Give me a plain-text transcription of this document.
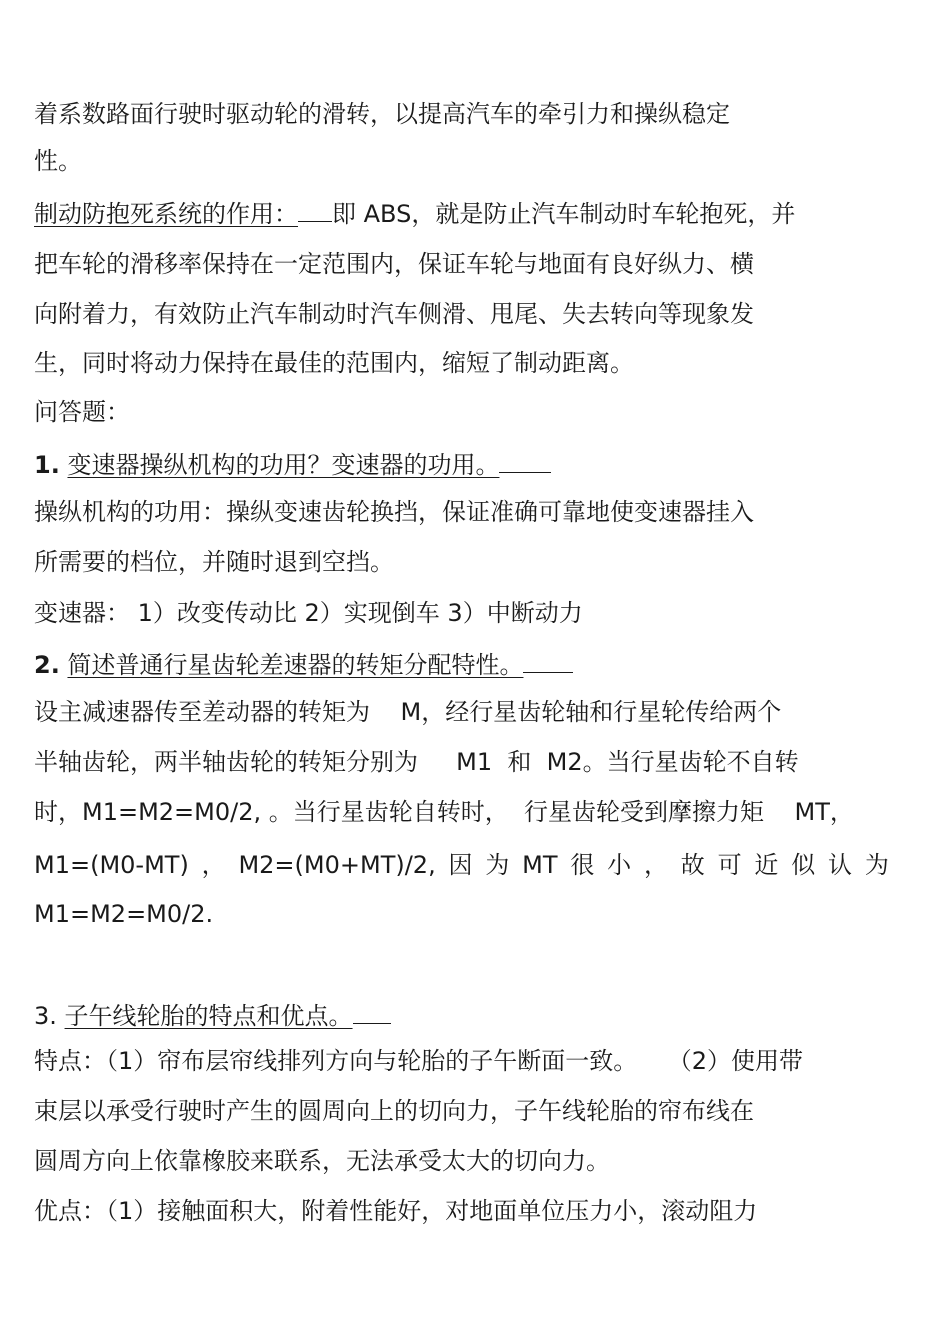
着系数路面行驶时驱动轮的滑转，以提高汽车的牵引力和操纵稳定
性。
制动防抱死系统的作用： 即 ABS，就是防止汽车制动时车轮抱死，并
把车轮的滑移率保持在一定范围内，保证车轮与地面有良好纵力、横
向附着力，有效防止汽车制动时汽车侧滑、甩尾、失去转向等现象发
生，同时将动力保持在最佳的范围内，缩短了制动距离。
问答题：
1. 变速器操纵机构的功用？变速器的功用。
操纵机构的功用：操纵变速齿轮换挡，保证准确可靠地使变速器挂入
所需要的档位，并随时退到空挡。
变速器： 1）改变传动比 2）实现倒车 3）中断动力
2. 简述普通行星齿轮差速器的转矩分配特性。
设主减速器传至差动器的转矩为    M，经行星齿轮轴和行星轮传给两个
半轴齿轮，两半轴齿轮的转矩分别为     M1  和  M2。当行星齿轮不自转
时，M1=M2=M0/2, 。当行星齿轮自转时，  行星齿轮受到摩擦力矩    MT，
M1=(M0-MT) ， M2=(M0+MT)/2, 因 为 MT 很 小 ， 故 可 近 似 认 为
M1=M2=M0/2.
3. 子午线轮胎的特点和优点。
特点：（1）帘布层帘线排列方向与轮胎的子午断面一致。    （2）使用带
束层以承受行驶时产生的圆周向上的切向力，子午线轮胎的帘布线在
圆周方向上依靠橡胶来联系，无法承受太大的切向力。
优点：（1）接触面积大，附着性能好，对地面单位压力小，滚动阻力
